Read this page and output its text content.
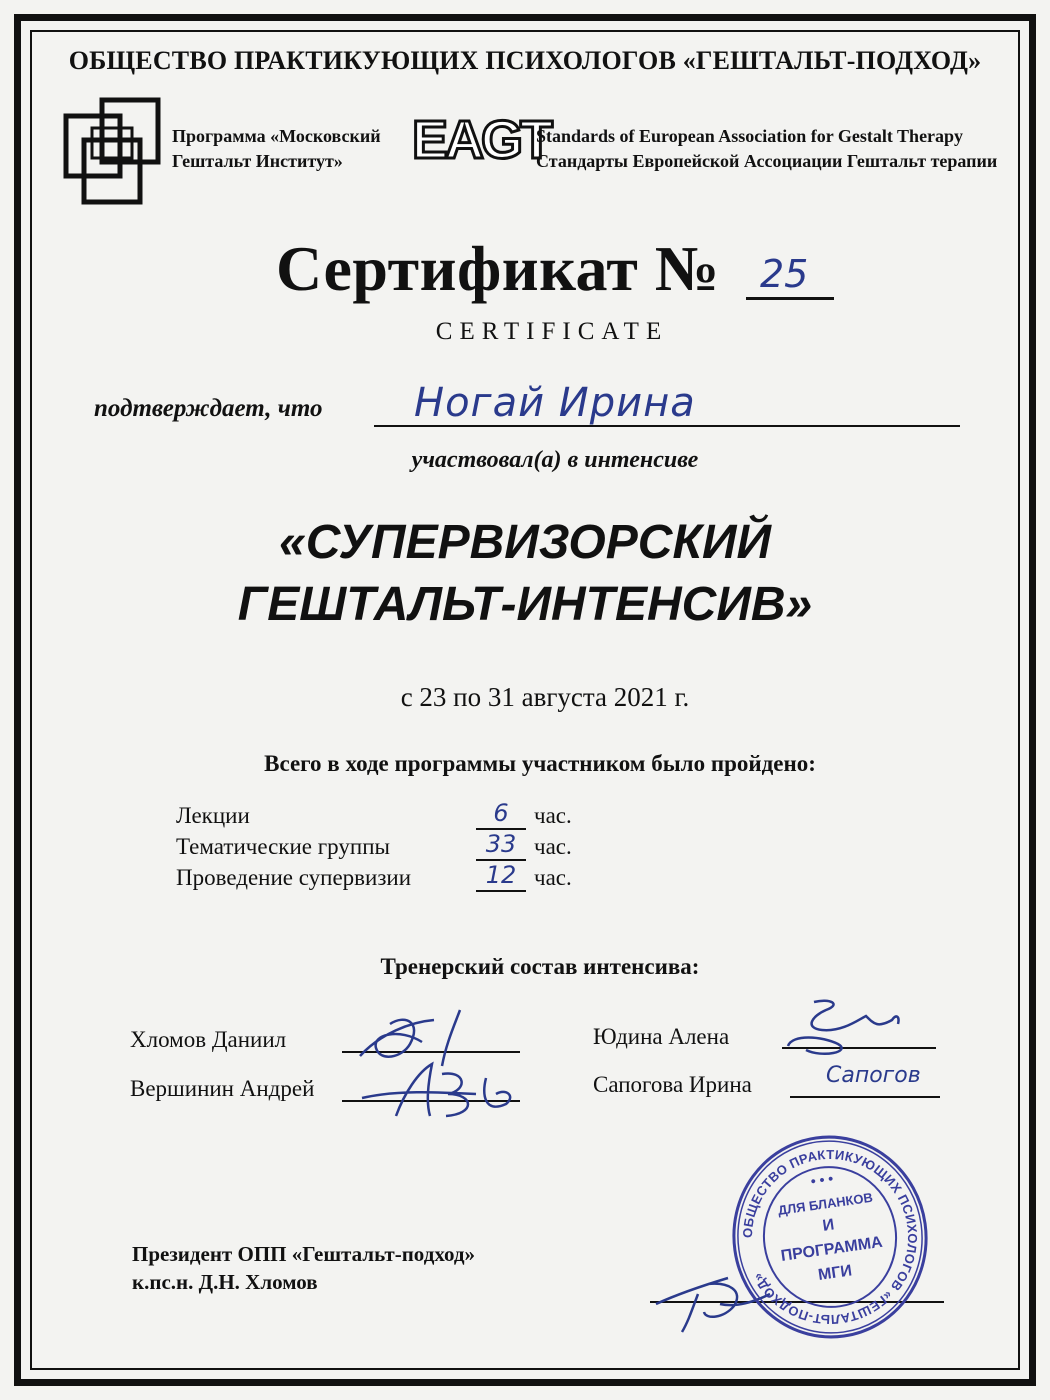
ОБЩЕСТВО ПРАКТИКУЮЩИХ ПСИХОЛОГОВ «ГЕШТАЛЬТ-ПОДХОД»
Программа «Московский
Гештальт Институт»	EAGT
Standards of European Association for Gestalt Therapy
Стандарты Европейской Ассоциации Гештальт терапии
Сертификат № 25
CERTIFICATE
подтверждает, что Ногай Ирина
участвовал(а) в интенсиве
«СУПЕРВИЗОРСКИЙ
ГЕШТАЛЬТ-ИНТЕНСИВ»
с 23 по 31 августа 2021 г.
Всего в ходе программы участником было пройдено:
Лекции	6	час.
Тематические группы	33 час.
Проведение супервизии	12 час.
Тренерский состав интенсива:
Хломов Даниил
Вершинин Андрей
Юдина Алена
Сапогова Ирина	Сапогов
Президент ОПП «Гештальт-подход»
к.пс.н. Д.Н. Хломов
ОБЩЕСТВО ПРАКТИКУЮЩИХ ПСИХОЛОГОВ «ГЕШТАЛЬТ-ПОДХОД»
• • •
ДЛЯ БЛАНКОВ
И
ПРОГРАММА
МГИ
